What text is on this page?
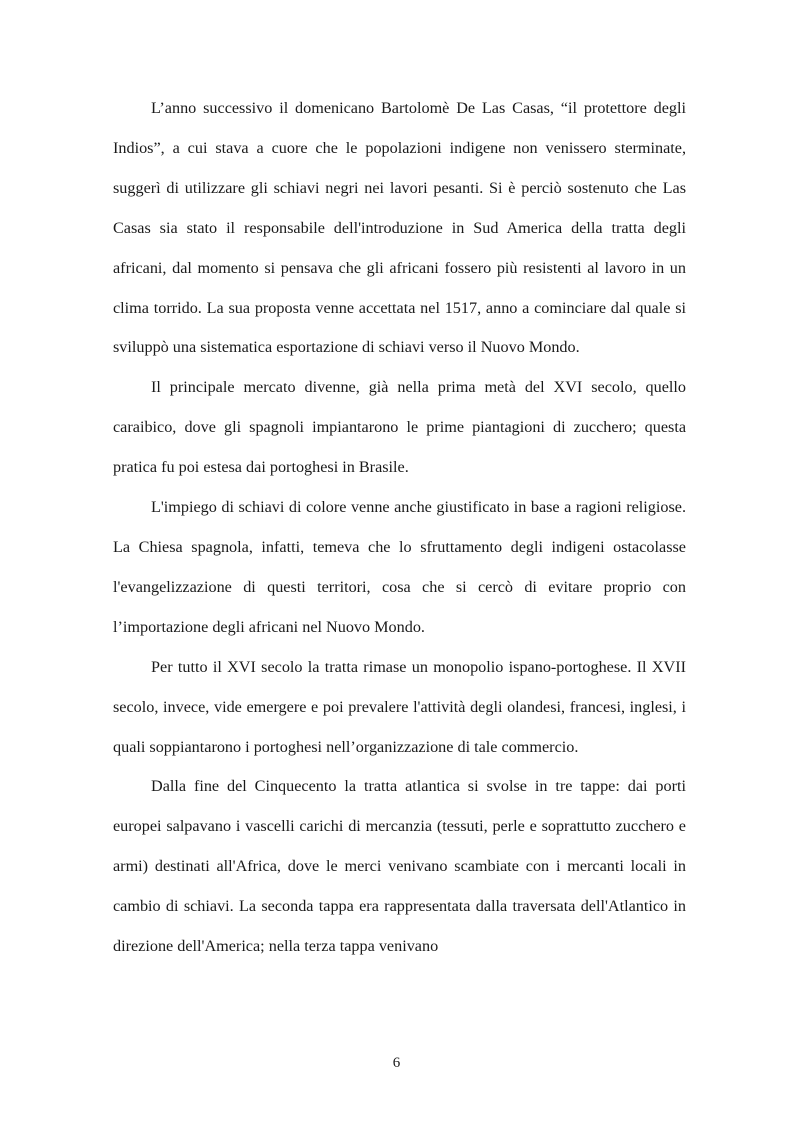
L’anno successivo il domenicano Bartolomè De Las Casas, “il protettore degli Indios”, a cui stava a cuore che le popolazioni indigene non venissero sterminate, suggerì di utilizzare gli schiavi negri nei lavori pesanti. Si è perciò sostenuto che Las Casas sia stato il responsabile dell'introduzione in Sud America della tratta degli africani, dal momento si pensava che gli africani fossero più resistenti al lavoro in un clima torrido. La sua proposta venne accettata nel 1517, anno a cominciare dal quale si sviluppò una sistematica esportazione di schiavi verso il Nuovo Mondo.

Il principale mercato divenne, già nella prima metà del XVI secolo, quello caraibico, dove gli spagnoli impiantarono le prime piantagioni di zucchero; questa pratica fu poi estesa dai portoghesi in Brasile.

L'impiego di schiavi di colore venne anche giustificato in base a ragioni religiose. La Chiesa spagnola, infatti, temeva che lo sfruttamento degli indigeni ostacolasse l'evangelizzazione di questi territori, cosa che si cercò di evitare proprio con l’importazione degli africani nel Nuovo Mondo.

Per tutto il XVI secolo la tratta rimase un monopolio ispano-portoghese. Il XVII secolo, invece, vide emergere e poi prevalere l'attività degli olandesi, francesi, inglesi, i quali soppiantarono i portoghesi nell’organizzazione di tale commercio.

Dalla fine del Cinquecento la tratta atlantica si svolse in tre tappe: dai porti europei salpavano i vascelli carichi di mercanzia (tessuti, perle e soprattutto zucchero e armi) destinati all'Africa, dove le merci venivano scambiate con i mercanti locali in cambio di schiavi. La seconda tappa era rappresentata dalla traversata dell'Atlantico in direzione dell'America; nella terza tappa venivano

6
